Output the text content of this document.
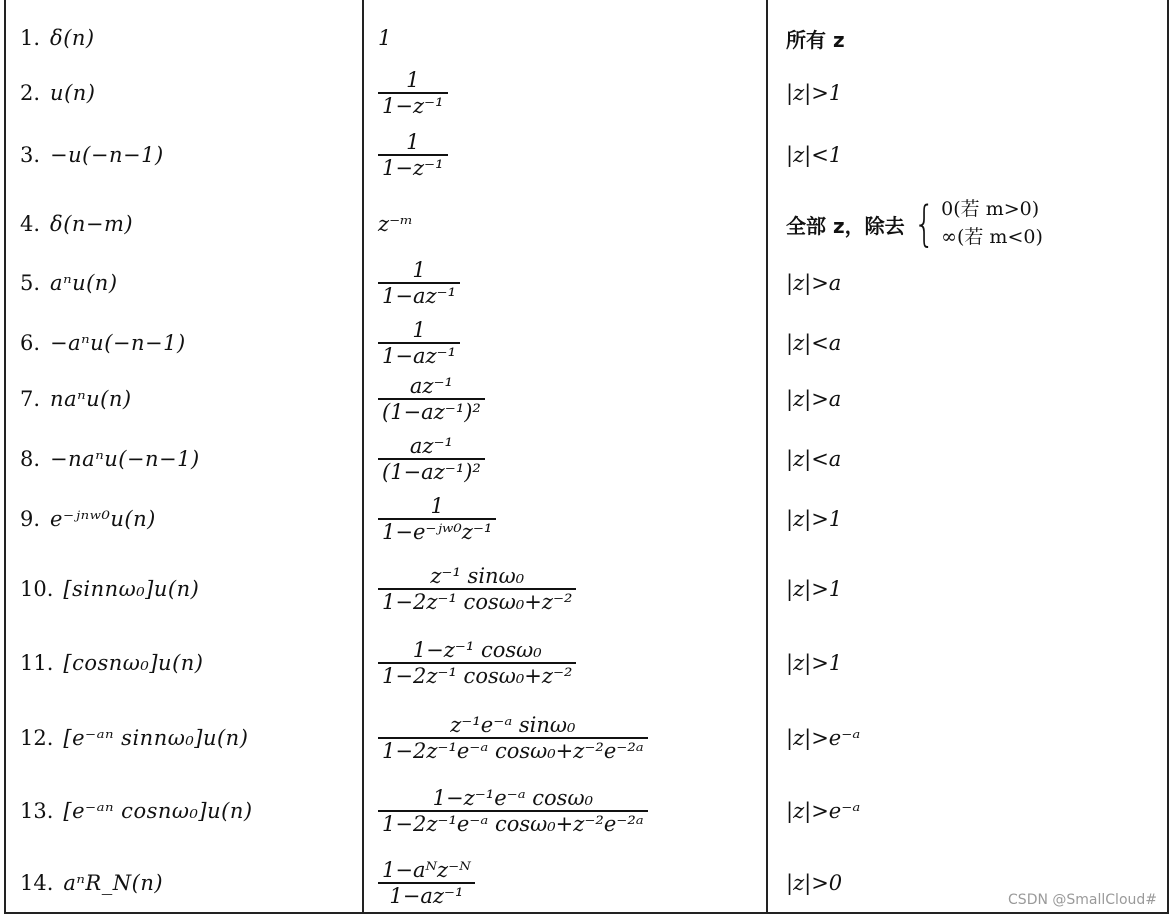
1. δ(n)	1	所有 z
2. u(n)	$\frac{1}{\text{1−z⁻¹}}$	|z|>1
3. −u(−n−1)	$\frac{1}{\text{1−z⁻¹}}$	|z|<1
4. δ(n−m)	z⁻ᵐ	全部 z，除去 { 0(若 m>0)
∞(若 m<0)
5. aⁿu(n)	$\frac{1}{\text{1−az⁻¹}}$	|z|>a
6. −aⁿu(−n−1)	$\frac{1}{\text{1−az⁻¹}}$	|z|<a
7. naⁿu(n)	$\frac{\text{az⁻¹}}{\text{(1−az⁻¹)²}}$	|z|>a
8. −naⁿu(−n−1)	$\frac{\text{az⁻¹}}{\text{(1−az⁻¹)²}}$	|z|<a
9. e⁻ʲⁿʷ⁰u(n)	$\frac{1}{\text{1−e⁻ʲʷ⁰z⁻¹}}$	|z|>1
10. [sinnω₀]u(n)	$\frac{\text{z⁻¹ sinω₀}}{\text{1−2z⁻¹ cosω₀+z⁻²}}$	|z|>1
11. [cosnω₀]u(n)	$\frac{\text{1−z⁻¹ cosω₀}}{\text{1−2z⁻¹ cosω₀+z⁻²}}$	|z|>1
12. [e⁻ᵃⁿ sinnω₀]u(n)	$\frac{\text{z⁻¹e⁻ᵃ sinω₀}}{\text{1−2z⁻¹e⁻ᵃ cosω₀+z⁻²e⁻²ᵃ}}$	|z|>e⁻ᵃ
13. [e⁻ᵃⁿ cosnω₀]u(n)	$\frac{\text{1−z⁻¹e⁻ᵃ cosω₀}}{\text{1−2z⁻¹e⁻ᵃ cosω₀+z⁻²e⁻²ᵃ}}$	|z|>e⁻ᵃ
14. aⁿR_N(n)	$\frac{\text{1−aᴺz⁻ᴺ}}{\text{1−az⁻¹}}$	|z|>0
CSDN @SmallCloud#
